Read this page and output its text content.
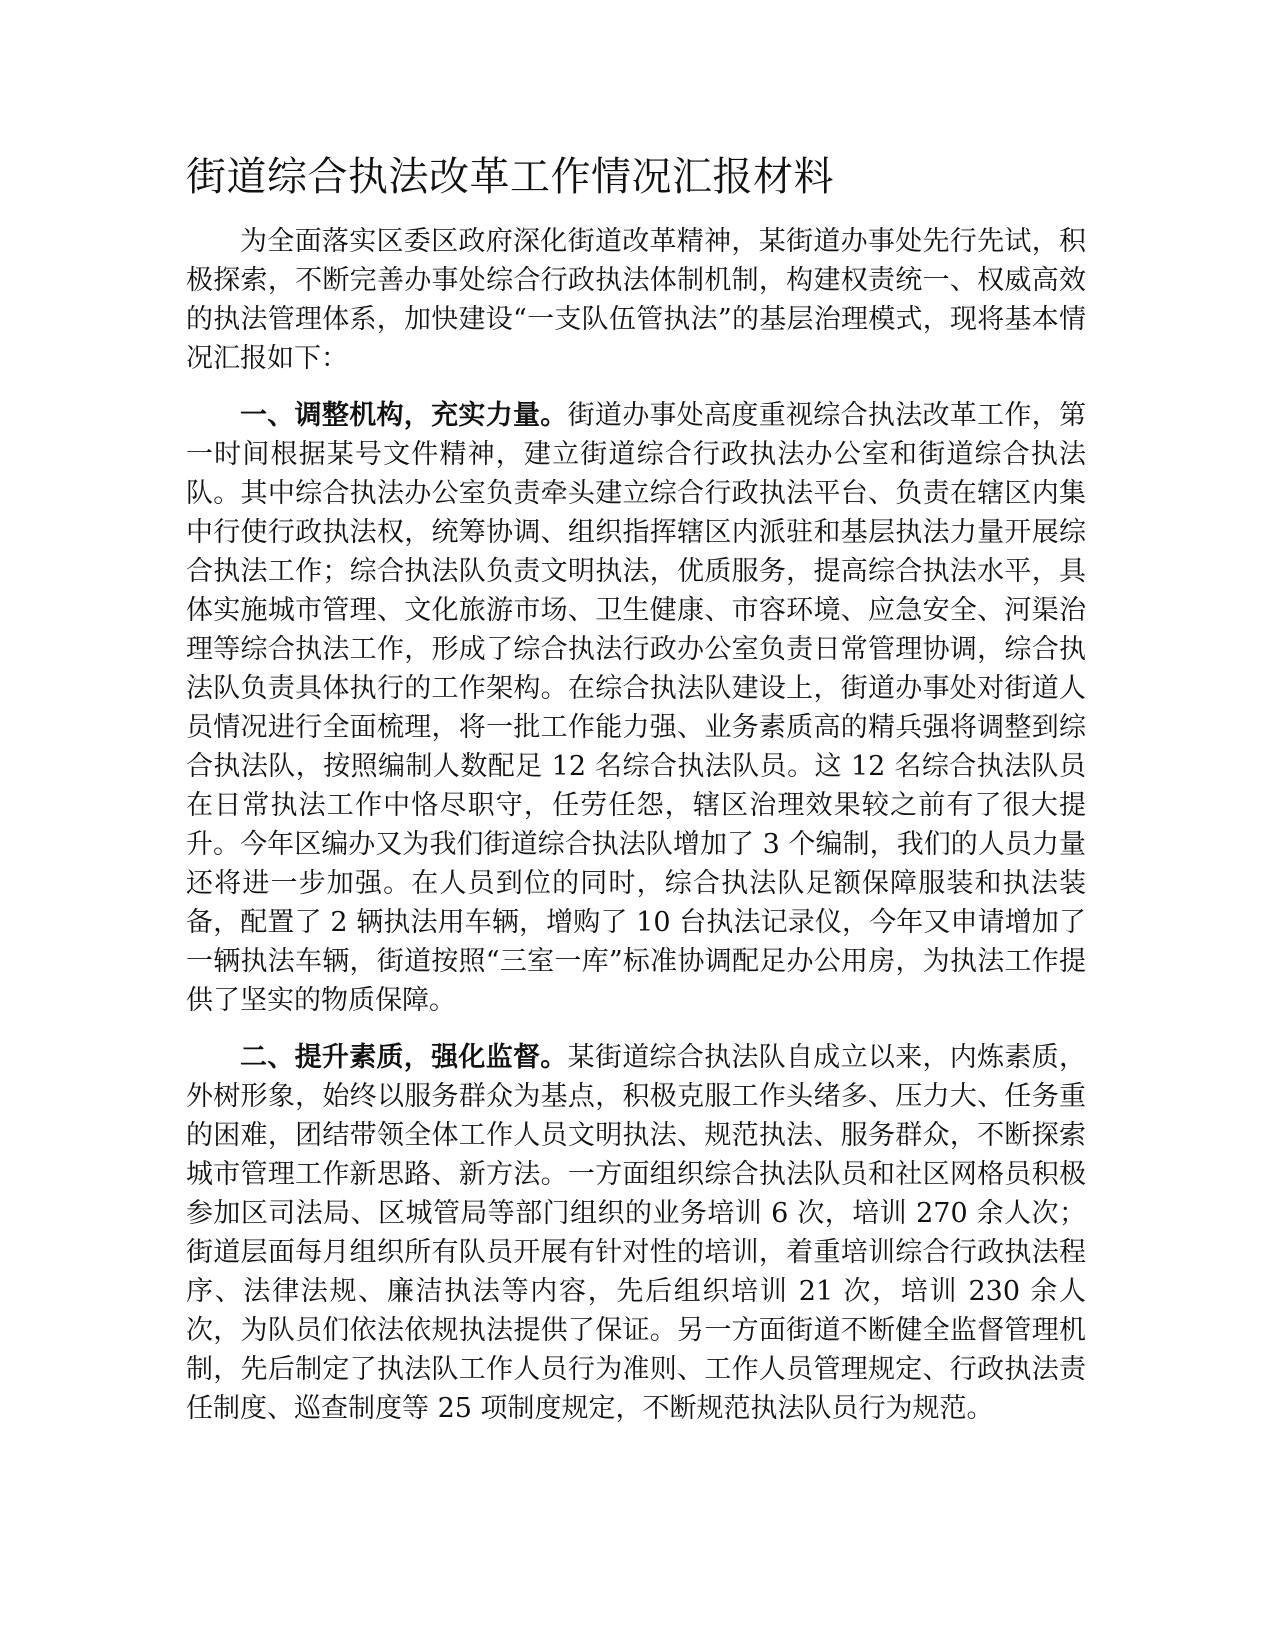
街道综合执法改革工作情况汇报材料

为全面落实区委区政府深化街道改革精神，某街道办事处先行先试，积极探索，不断完善办事处综合行政执法体制机制，构建权责统一、权威高效的执法管理体系，加快建设“一支队伍管执法”的基层治理模式，现将基本情况汇报如下：

一、调整机构，充实力量。街道办事处高度重视综合执法改革工作，第一时间根据某号文件精神，建立街道综合行政执法办公室和街道综合执法队。其中综合执法办公室负责牵头建立综合行政执法平台、负责在辖区内集中行使行政执法权，统筹协调、组织指挥辖区内派驻和基层执法力量开展综合执法工作；综合执法队负责文明执法，优质服务，提高综合执法水平，具体实施城市管理、文化旅游市场、卫生健康、市容环境、应急安全、河渠治理等综合执法工作，形成了综合执法行政办公室负责日常管理协调，综合执法队负责具体执行的工作架构。在综合执法队建设上，街道办事处对街道人员情况进行全面梳理，将一批工作能力强、业务素质高的精兵强将调整到综合执法队，按照编制人数配足 12 名综合执法队员。这 12 名综合执法队员在日常执法工作中恪尽职守，任劳任怨，辖区治理效果较之前有了很大提升。今年区编办又为我们街道综合执法队增加了 3 个编制，我们的人员力量还将进一步加强。在人员到位的同时，综合执法队足额保障服装和执法装备，配置了 2 辆执法用车辆，增购了 10 台执法记录仪，今年又申请增加了一辆执法车辆，街道按照“三室一库”标准协调配足办公用房，为执法工作提供了坚实的物质保障。

二、提升素质，强化监督。某街道综合执法队自成立以来，内炼素质，外树形象，始终以服务群众为基点，积极克服工作头绪多、压力大、任务重的困难，团结带领全体工作人员文明执法、规范执法、服务群众，不断探索城市管理工作新思路、新方法。一方面组织综合执法队员和社区网格员积极参加区司法局、区城管局等部门组织的业务培训 6 次，培训 270 余人次；街道层面每月组织所有队员开展有针对性的培训，着重培训综合行政执法程序、法律法规、廉洁执法等内容，先后组织培训 21 次，培训 230 余人次，为队员们依法依规执法提供了保证。另一方面街道不断健全监督管理机制，先后制定了执法队工作人员行为准则、工作人员管理规定、行政执法责任制度、巡查制度等 25 项制度规定，不断规范执法队员行为规范。
